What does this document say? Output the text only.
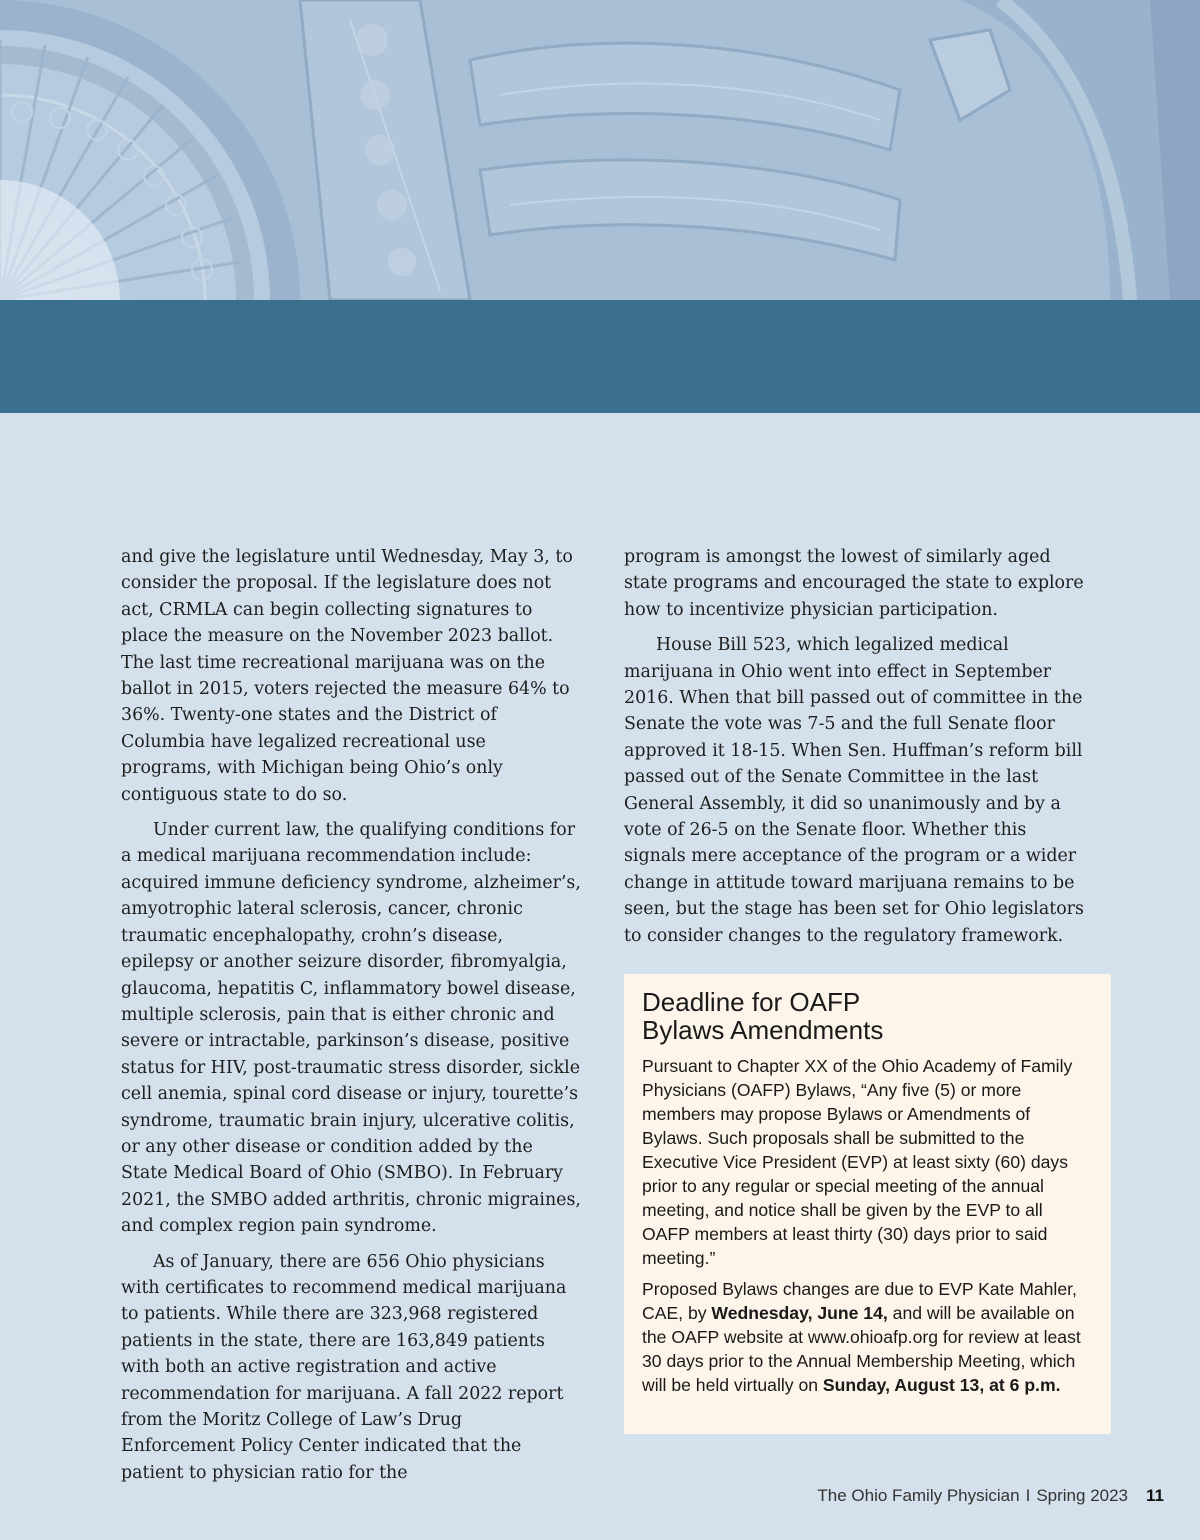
and give the legislature until Wednesday, May 3, to consider the proposal. If the legislature does not act, CRMLA can begin collecting signatures to place the measure on the November 2023 ballot. The last time recreational marijuana was on the ballot in 2015, voters rejected the measure 64% to 36%. Twenty-one states and the District of Columbia have legalized recreational use programs, with Michigan being Ohio’s only contiguous state to do so.

Under current law, the qualifying conditions for a medical marijuana recommendation include: acquired immune deficiency syndrome, alzheimer’s, amyotrophic lateral sclerosis, cancer, chronic traumatic encephalopathy, crohn’s disease, epilepsy or another seizure disorder, fibromyalgia, glaucoma, hepatitis C, inflammatory bowel disease, multiple sclerosis, pain that is either chronic and severe or intractable, parkinson’s disease, positive status for HIV, post-traumatic stress disorder, sickle cell anemia, spinal cord disease or injury, tourette’s syndrome, traumatic brain injury, ulcerative colitis, or any other disease or condition added by the State Medical Board of Ohio (SMBO). In February 2021, the SMBO added arthritis, chronic migraines, and complex region pain syndrome.

As of January, there are 656 Ohio physicians with certificates to recommend medical marijuana to patients. While there are 323,968 registered patients in the state, there are 163,849 patients with both an active registration and active recommendation for marijuana. A fall 2022 report from the Moritz College of Law’s Drug Enforcement Policy Center indicated that the patient to physician ratio for the

program is amongst the lowest of similarly aged state programs and encouraged the state to explore how to incentivize physician participation.

House Bill 523, which legalized medical marijuana in Ohio went into effect in September 2016. When that bill passed out of committee in the Senate the vote was 7-5 and the full Senate floor approved it 18-15. When Sen. Huffman’s reform bill passed out of the Senate Committee in the last General Assembly, it did so unanimously and by a vote of 26-5 on the Senate floor. Whether this signals mere acceptance of the program or a wider change in attitude toward marijuana remains to be seen, but the stage has been set for Ohio legislators to consider changes to the regulatory framework.

Deadline for OAFP
Bylaws Amendments

Pursuant to Chapter XX of the Ohio Academy of Family Physicians (OAFP) Bylaws, “Any five (5) or more members may propose Bylaws or Amendments of Bylaws. Such proposals shall be submitted to the Executive Vice President (EVP) at least sixty (60) days prior to any regular or special meeting of the annual meeting, and notice shall be given by the EVP to all OAFP members at least thirty (30) days prior to said meeting.”

Proposed Bylaws changes are due to EVP Kate Mahler, CAE, by Wednesday, June 14, and will be available on the OAFP website at www.ohioafp.org for review at least 30 days prior to the Annual Membership Meeting, which will be held virtually on Sunday, August 13, at 6 p.m.

The Ohio Family Physician I Spring 2023 11
